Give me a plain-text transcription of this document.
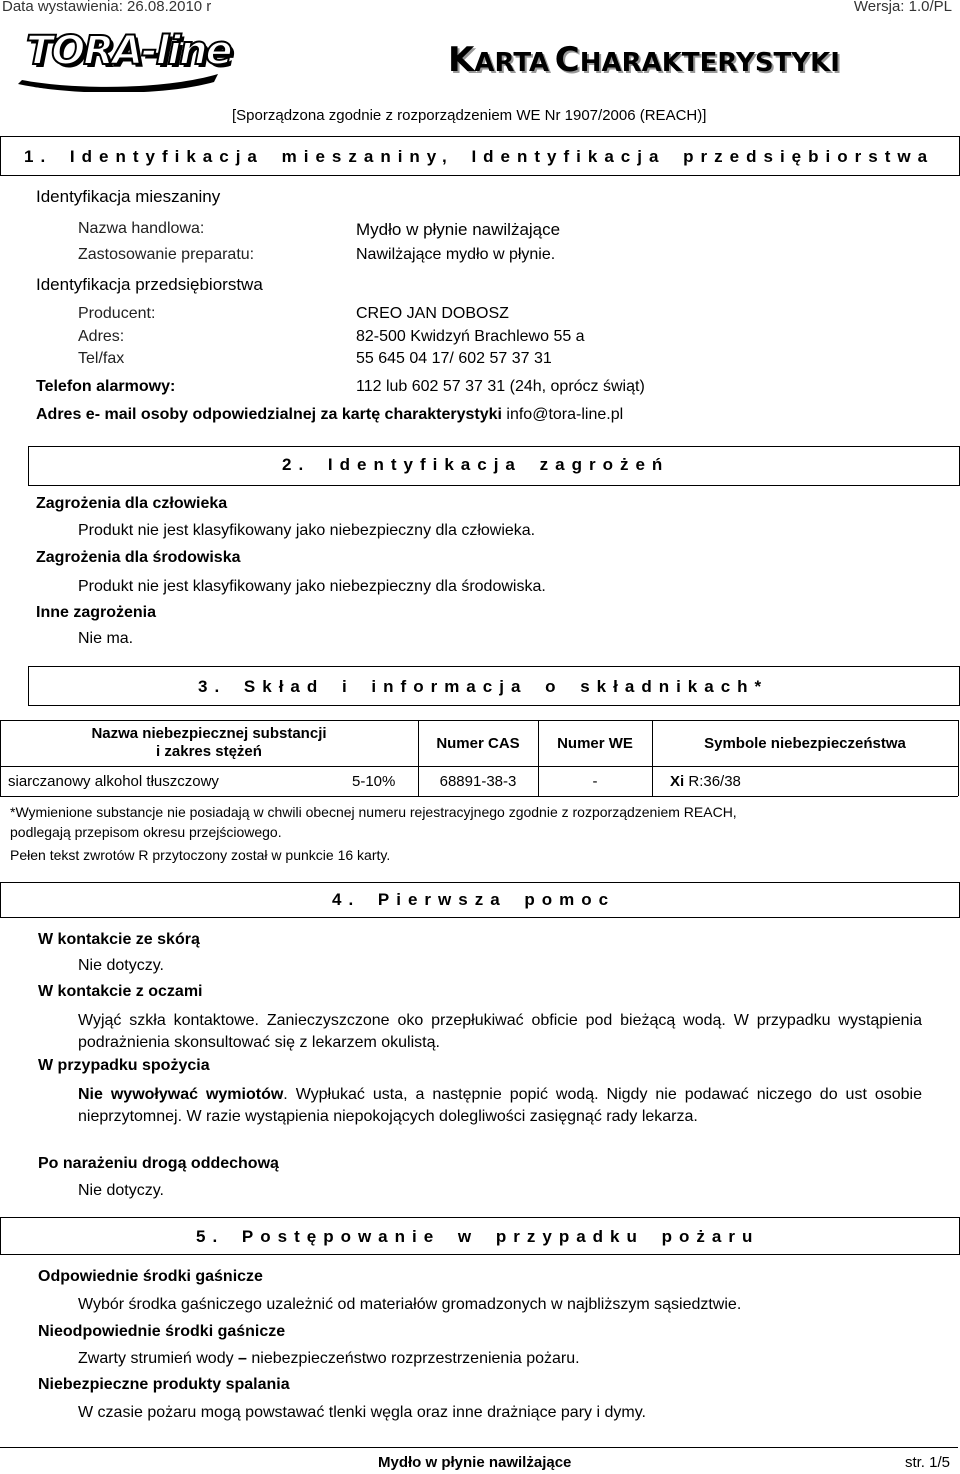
Data wystawienia: 26.08.2010 r	Wersja: 1.0/PL
TORA-line	KARTA CHARAKTERYSTYKI
[Sporządzona zgodnie z rozporządzeniem WE Nr 1907/2006 (REACH)]
1. Identyfikacja mieszaniny, Identyfikacja przedsiębiorstwa
Identyfikacja mieszaniny
Nazwa handlowa:	Mydło w płynie nawilżające
Zastosowanie preparatu:	Nawilżające mydło w płynie.
Identyfikacja przedsiębiorstwa
Producent:	CREO JAN DOBOSZ
Adres:	82-500 Kwidzyń Brachlewo 55 a
Tel/fax	55 645 04 17/ 602 57 37 31
Telefon alarmowy:	112 lub 602 57 37 31 (24h, oprócz świąt)
Adres e- mail osoby odpowiedzialnej za kartę charakterystyki info@tora-line.pl
2. Identyfikacja zagrożeń
Zagrożenia dla człowieka
Produkt nie jest klasyfikowany jako niebezpieczny dla człowieka.
Zagrożenia dla środowiska
Produkt nie jest klasyfikowany jako niebezpieczny dla środowiska.
Inne zagrożenia
Nie ma.
3. Skład i informacja o składnikach*
Nazwa niebezpiecznej substancji
i zakres stężeń	Numer CAS	Numer WE	Symbole niebezpieczeństwa
siarczanowy alkohol tłuszczowy	5-10%	68891-38-3	-	Xi R:36/38
*Wymienione substancje nie posiadają w chwili obecnej numeru rejestracyjnego zgodnie z rozporządzeniem REACH,
podlegają przepisom okresu przejściowego.
Pełen tekst zwrotów R przytoczony został w punkcie 16 karty.
4. Pierwsza pomoc
W kontakcie ze skórą
Nie dotyczy.
W kontakcie z oczami
Wyjąć szkła kontaktowe. Zanieczyszczone oko przepłukiwać obficie pod bieżącą wodą. W przypadku wystąpienia podrażnienia skonsultować się z lekarzem okulistą.
W przypadku spożycia
Nie wywoływać wymiotów. Wypłukać usta, a następnie popić wodą. Nigdy nie podawać niczego do ust osobie nieprzytomnej. W razie wystąpienia niepokojących dolegliwości zasięgnąć rady lekarza.
Po narażeniu drogą oddechową
Nie dotyczy.
5. Postępowanie w przypadku pożaru
Odpowiednie środki gaśnicze
Wybór środka gaśniczego uzależnić od materiałów gromadzonych w najbliższym sąsiedztwie.
Nieodpowiednie środki gaśnicze
Zwarty strumień wody – niebezpieczeństwo rozprzestrzenienia pożaru.
Niebezpieczne produkty spalania
W czasie pożaru mogą powstawać tlenki węgla oraz inne drażniące pary i dymy.
Mydło w płynie nawilżające	str. 1/5
